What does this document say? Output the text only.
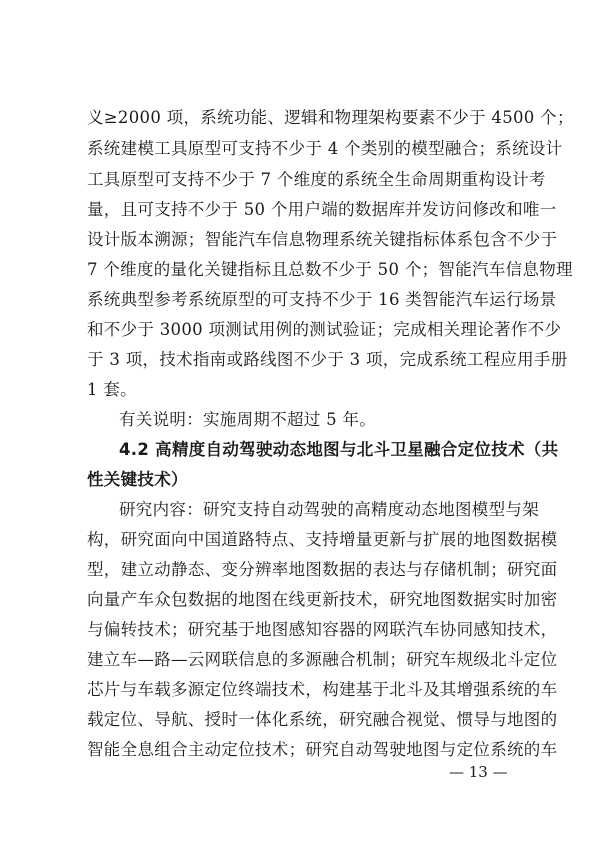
义≥2000 项，系统功能、逻辑和物理架构要素不少于 4500 个；
系统建模工具原型可支持不少于 4 个类别的模型融合；系统设计
工具原型可支持不少于 7 个维度的系统全生命周期重构设计考
量，且可支持不少于 50 个用户端的数据库并发访问修改和唯一
设计版本溯源；智能汽车信息物理系统关键指标体系包含不少于
7 个维度的量化关键指标且总数不少于 50 个；智能汽车信息物理
系统典型参考系统原型的可支持不少于 16 类智能汽车运行场景
和不少于 3000 项测试用例的测试验证；完成相关理论著作不少
于 3 项，技术指南或路线图不少于 3 项，完成系统工程应用手册
1 套。
有关说明：实施周期不超过 5 年。
4.2 高精度自动驾驶动态地图与北斗卫星融合定位技术（共
性关键技术）
研究内容：研究支持自动驾驶的高精度动态地图模型与架
构，研究面向中国道路特点、支持增量更新与扩展的地图数据模
型，建立动静态、变分辨率地图数据的表达与存储机制；研究面
向量产车众包数据的地图在线更新技术，研究地图数据实时加密
与偏转技术；研究基于地图感知容器的网联汽车协同感知技术，
建立车—路—云网联信息的多源融合机制；研究车规级北斗定位
芯片与车载多源定位终端技术，构建基于北斗及其增强系统的车
载定位、导航、授时一体化系统，研究融合视觉、惯导与地图的
智能全息组合主动定位技术；研究自动驾驶地图与定位系统的车
— 13 —
